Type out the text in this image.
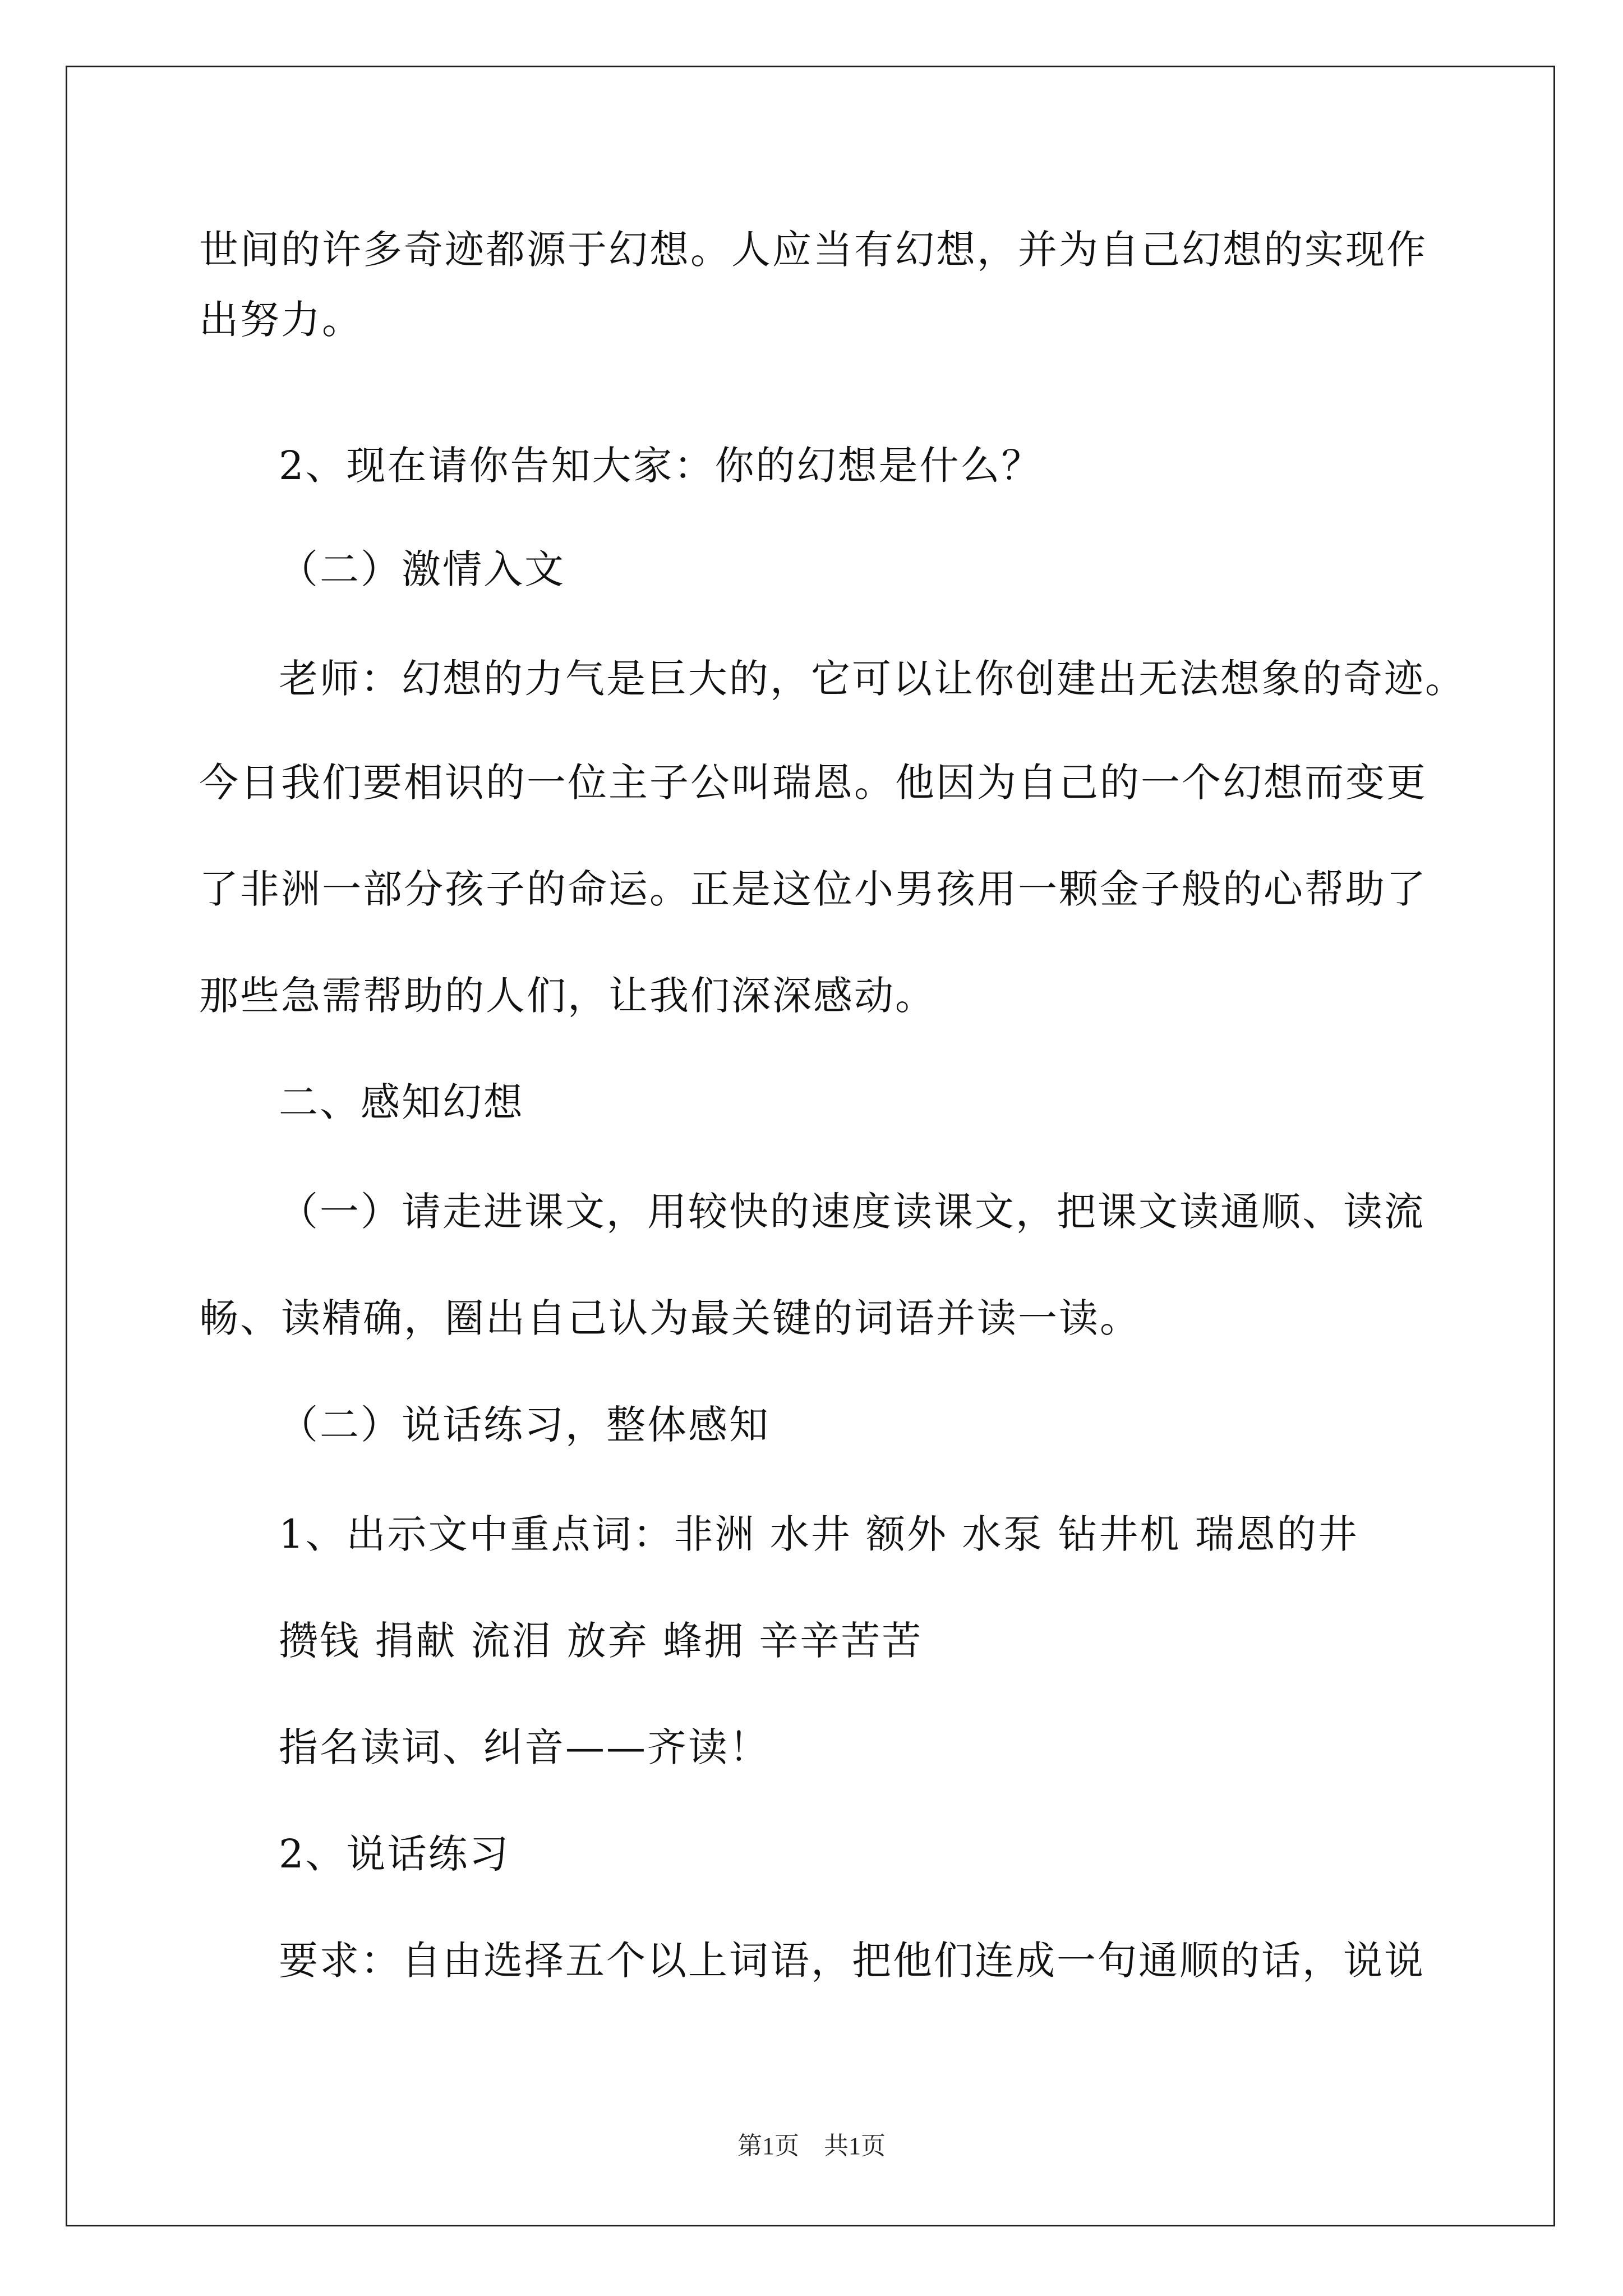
世间的许多奇迹都源于幻想。人应当有幻想，并为自己幻想的实现作
出努力。
2、现在请你告知大家：你的幻想是什么？
（二）激情入文
老师：幻想的力气是巨大的，它可以让你创建出无法想象的奇迹。
今日我们要相识的一位主子公叫瑞恩。他因为自己的一个幻想而变更
了非洲一部分孩子的命运。正是这位小男孩用一颗金子般的心帮助了
那些急需帮助的人们，让我们深深感动。
二、感知幻想
（一）请走进课文，用较快的速度读课文，把课文读通顺、读流
畅、读精确，圈出自己认为最关键的词语并读一读。
（二）说话练习，整体感知
1、出示文中重点词：非洲 水井 额外 水泵 钻井机 瑞恩的井
攒钱 捐献 流泪 放弃 蜂拥 辛辛苦苦
指名读词、纠音——齐读！
2、说话练习
要求：自由选择五个以上词语，把他们连成一句通顺的话，说说
第1页　共1页
